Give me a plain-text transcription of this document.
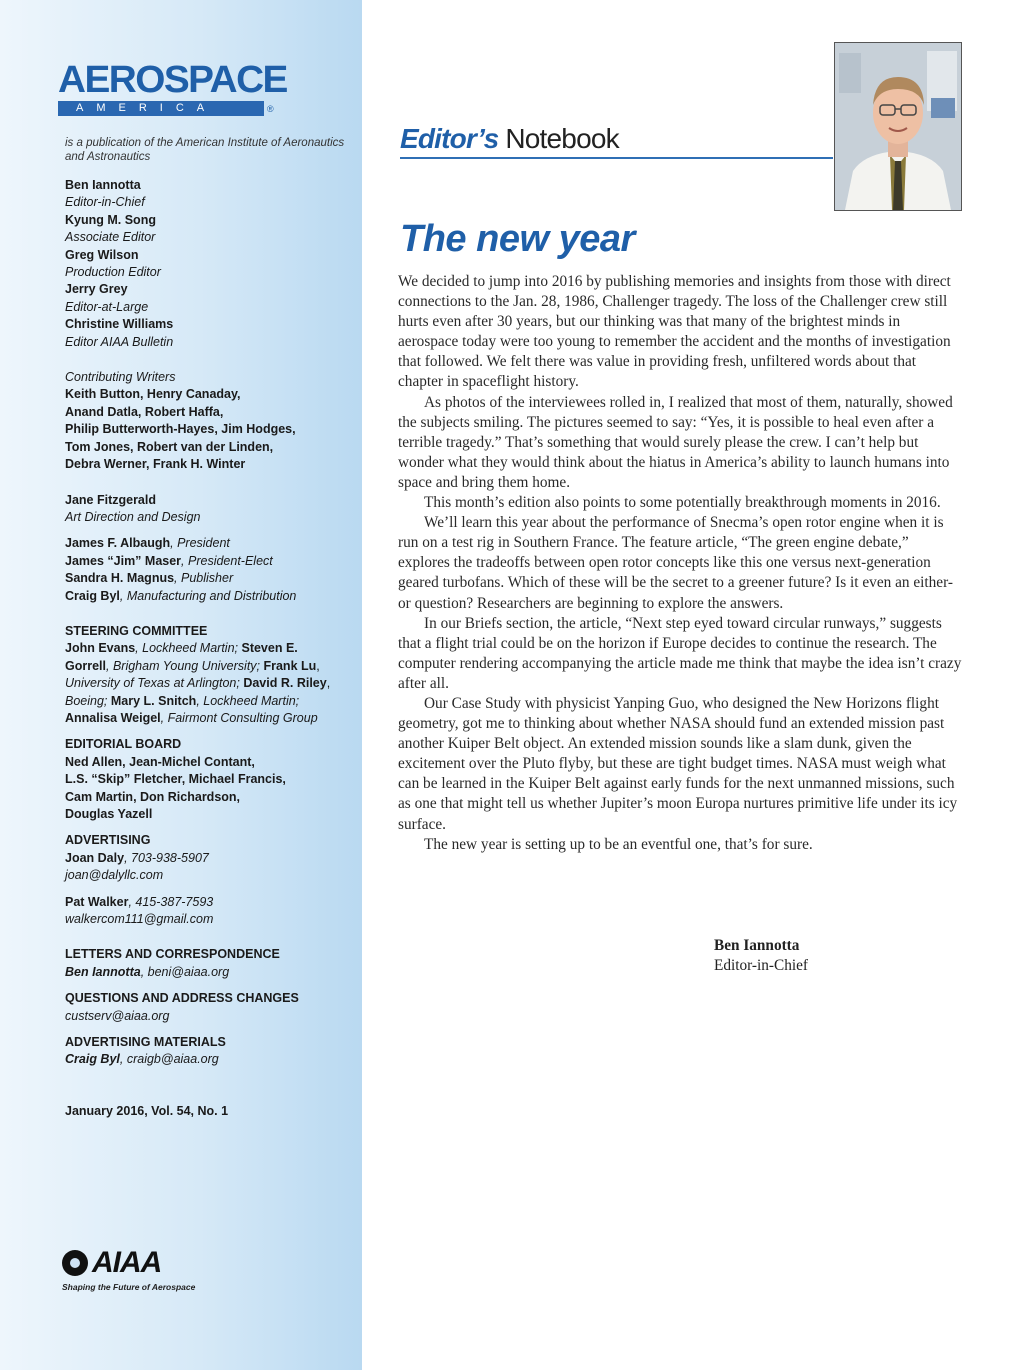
AEROSPACE
AMERICA	®
is a publication of the American Institute of Aeronautics and Astronautics
Ben Iannotta
Editor-in-Chief
Kyung M. Song
Associate Editor
Greg Wilson
Production Editor
Jerry Grey
Editor-at-Large
Christine Williams
Editor AIAA Bulletin
Contributing Writers
Keith Button, Henry Canaday,
Anand Datla, Robert Haffa,
Philip Butterworth-Hayes, Jim Hodges,
Tom Jones, Robert van der Linden,
Debra Werner, Frank H. Winter
Jane Fitzgerald
Art Direction and Design
James F. Albaugh, President
James “Jim” Maser, President-Elect
Sandra H. Magnus, Publisher
Craig Byl, Manufacturing and Distribution
STEERING COMMITTEE
John Evans, Lockheed Martin; Steven E.
Gorrell, Brigham Young University; Frank Lu,
University of Texas at Arlington; David R. Riley,
Boeing; Mary L. Snitch, Lockheed Martin;
Annalisa Weigel, Fairmont Consulting Group
EDITORIAL BOARD
Ned Allen, Jean-Michel Contant,
L.S. “Skip” Fletcher, Michael Francis,
Cam Martin, Don Richardson,
Douglas Yazell
ADVERTISING
Joan Daly, 703-938-5907
joan@dalyllc.com
Pat Walker, 415-387-7593
walkercom111@gmail.com
LETTERS AND CORRESPONDENCE
Ben Iannotta, beni@aiaa.org
QUESTIONS AND ADDRESS CHANGES
custserv@aiaa.org
ADVERTISING MATERIALS
Craig Byl, craigb@aiaa.org
January 2016, Vol. 54, No. 1
AIAA
Shaping the Future of Aerospace
Editor’s Notebook
The new year

We decided to jump into 2016 by publishing memories and insights from those with direct connections to the Jan. 28, 1986, Challenger tragedy. The loss of the Challenger crew still hurts even after 30 years, but our thinking was that many of the brightest minds in aerospace today were too young to remember the accident and the months of investigation that followed. We felt there was value in providing fresh, unfiltered words about that chapter in spaceflight history.

As photos of the interviewees rolled in, I realized that most of them, naturally, showed the subjects smiling. The pictures seemed to say: “Yes, it is possible to heal even after a terrible tragedy.” That’s something that would surely please the crew. I can’t help but wonder what they would think about the hiatus in America’s ability to launch humans into space and bring them home.

This month’s edition also points to some potentially breakthrough moments in 2016.

We’ll learn this year about the performance of Snecma’s open rotor engine when it is run on a test rig in Southern France. The feature article, “The green engine debate,” explores the tradeoffs between open rotor concepts like this one versus next-generation geared turbofans. Which of these will be the secret to a greener future? Is it even an either-or question? Researchers are beginning to explore the answers.

In our Briefs section, the article, “Next step eyed toward circular runways,” suggests that a flight trial could be on the horizon if Europe decides to continue the research. The computer rendering accompanying the article made me think that maybe the idea isn’t crazy after all.

Our Case Study with physicist Yanping Guo, who designed the New Horizons flight geometry, got me to thinking about whether NASA should fund an extended mission past another Kuiper Belt object. An extended mission sounds like a slam dunk, given the excitement over the Pluto flyby, but these are tight budget times. NASA must weigh what can be learned in the Kuiper Belt against early funds for the next unmanned missions, such as one that might tell us whether Jupiter’s moon Europa nurtures primitive life under its icy surface.

The new year is setting up to be an eventful one, that’s for sure.

Ben Iannotta
Editor-in-Chief
